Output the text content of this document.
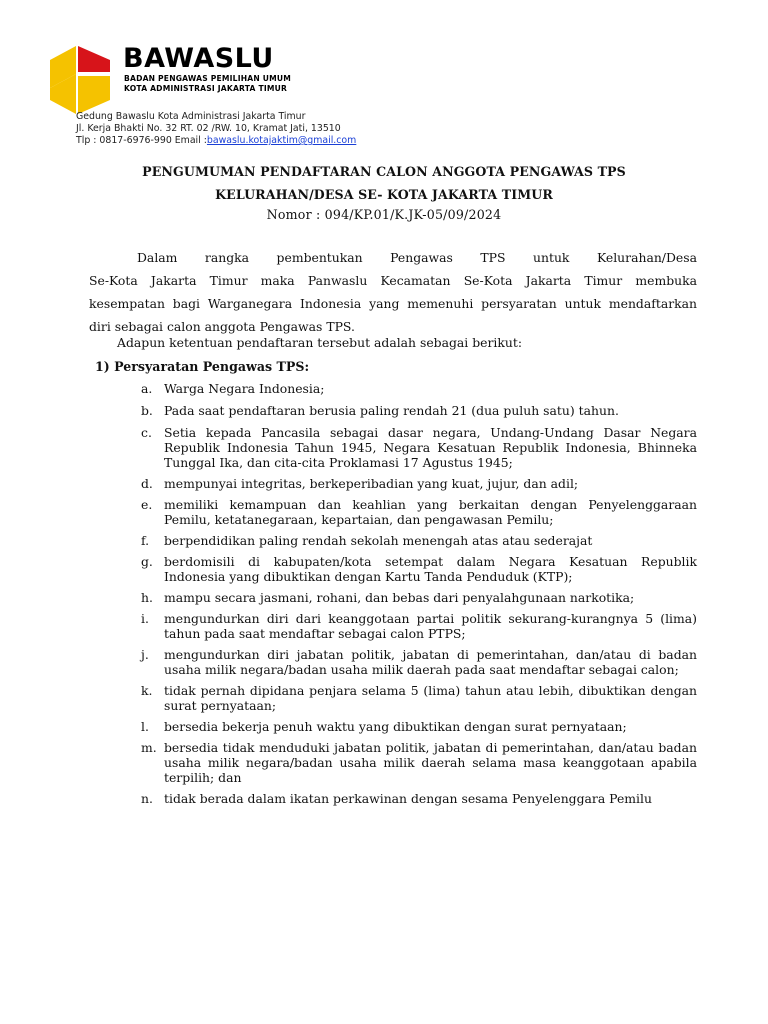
BAWASLU
BADAN PENGAWAS PEMILIHAN UMUM
KOTA ADMINISTRASI JAKARTA TIMUR
Gedung Bawaslu Kota Administrasi Jakarta Timur
Jl. Kerja Bhakti No. 32 RT. 02 /RW. 10, Kramat Jati, 13510
Tlp : 0817-6976-990 Email :bawaslu.kotajaktim@gmail.com
PENGUMUMAN PENDAFTARAN CALON ANGGOTA PENGAWAS TPS
KELURAHAN/DESA SE- KOTA JAKARTA TIMUR
Nomor : 094/KP.01/K.JK-05/09/2024
Dalam rangka pembentukan Pengawas TPS untuk Kelurahan/Desa
Se-Kota Jakarta Timur maka Panwaslu Kecamatan Se-Kota Jakarta Timur membuka
kesempatan bagi Warganegara Indonesia yang memenuhi persyaratan untuk mendaftarkan
diri sebagai calon anggota Pengawas TPS.
Adapun ketentuan pendaftaran tersebut adalah sebagai berikut:
1) Persyaratan Pengawas TPS:
a. Warga Negara Indonesia;
b. Pada saat pendaftaran berusia paling rendah 21 (dua puluh satu) tahun.
c. Setia kepada Pancasila sebagai dasar negara, Undang-Undang Dasar Negara
Republik Indonesia Tahun 1945, Negara Kesatuan Republik Indonesia, Bhinneka
Tunggal Ika, dan cita-cita Proklamasi 17 Agustus 1945;
d. mempunyai integritas, berkeperibadian yang kuat, jujur, dan adil;
e. memiliki kemampuan dan keahlian yang berkaitan dengan Penyelenggaraan
Pemilu, ketatanegaraan, kepartaian, dan pengawasan Pemilu;
f.	berpendidikan paling rendah sekolah menengah atas atau sederajat
g. berdomisili di kabupaten/kota setempat dalam Negara Kesatuan Republik
Indonesia yang dibuktikan dengan Kartu Tanda Penduduk (KTP);
h. mampu secara jasmani, rohani, dan bebas dari penyalahgunaan narkotika;
i.	mengundurkan diri dari keanggotaan partai politik sekurang-kurangnya 5 (lima)
tahun pada saat mendaftar sebagai calon PTPS;
j.	mengundurkan diri jabatan politik, jabatan di pemerintahan, dan/atau di badan
usaha milik negara/badan usaha milik daerah pada saat mendaftar sebagai calon;
k. tidak pernah dipidana penjara selama 5 (lima) tahun atau lebih, dibuktikan dengan
surat pernyataan;
l.	bersedia bekerja penuh waktu yang dibuktikan dengan surat pernyataan;
m. bersedia tidak menduduki jabatan politik, jabatan di pemerintahan, dan/atau badan
usaha milik negara/badan usaha milik daerah selama masa keanggotaan apabila
terpilih; dan
n. tidak berada dalam ikatan perkawinan dengan sesama Penyelenggara Pemilu
